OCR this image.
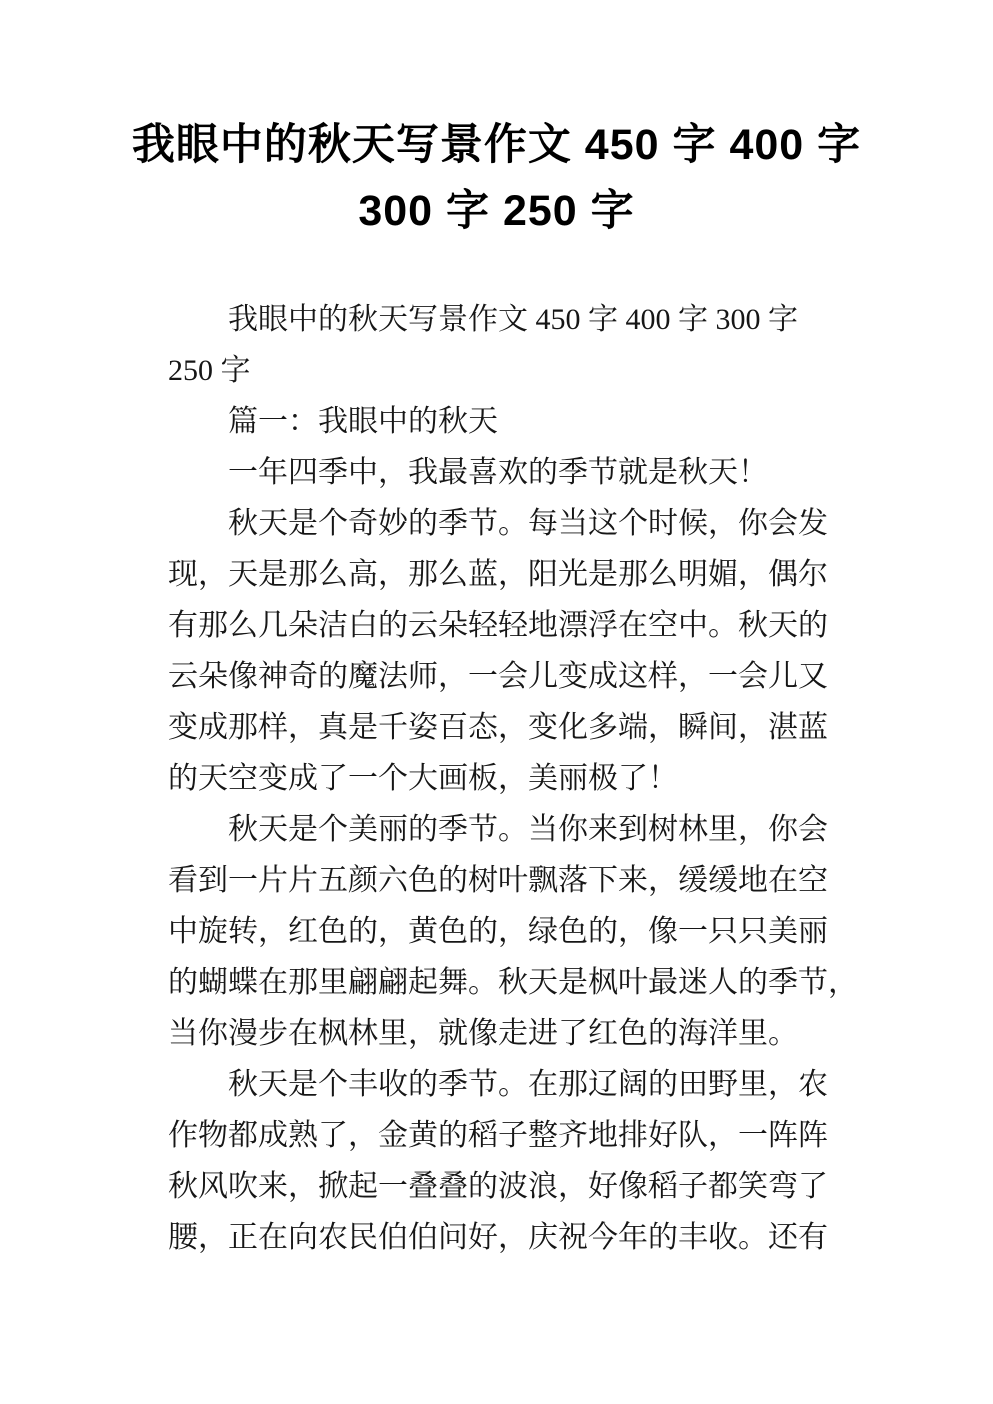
我眼中的秋天写景作文 450 字 400 字
300 字 250 字
我眼中的秋天写景作文 450 字 400 字 300 字
250 字
篇一：我眼中的秋天
一年四季中，我最喜欢的季节就是秋天！
秋天是个奇妙的季节。每当这个时候，你会发
现，天是那么高，那么蓝，阳光是那么明媚，偶尔
有那么几朵洁白的云朵轻轻地漂浮在空中。秋天的
云朵像神奇的魔法师，一会儿变成这样，一会儿又
变成那样，真是千姿百态，变化多端，瞬间，湛蓝
的天空变成了一个大画板，美丽极了！
秋天是个美丽的季节。当你来到树林里，你会
看到一片片五颜六色的树叶飘落下来，缓缓地在空
中旋转，红色的，黄色的，绿色的，像一只只美丽
的蝴蝶在那里翩翩起舞。秋天是枫叶最迷人的季节，
当你漫步在枫林里，就像走进了红色的海洋里。
秋天是个丰收的季节。在那辽阔的田野里，农
作物都成熟了，金黄的稻子整齐地排好队，一阵阵
秋风吹来，掀起一叠叠的波浪，好像稻子都笑弯了
腰，正在向农民伯伯问好，庆祝今年的丰收。还有
